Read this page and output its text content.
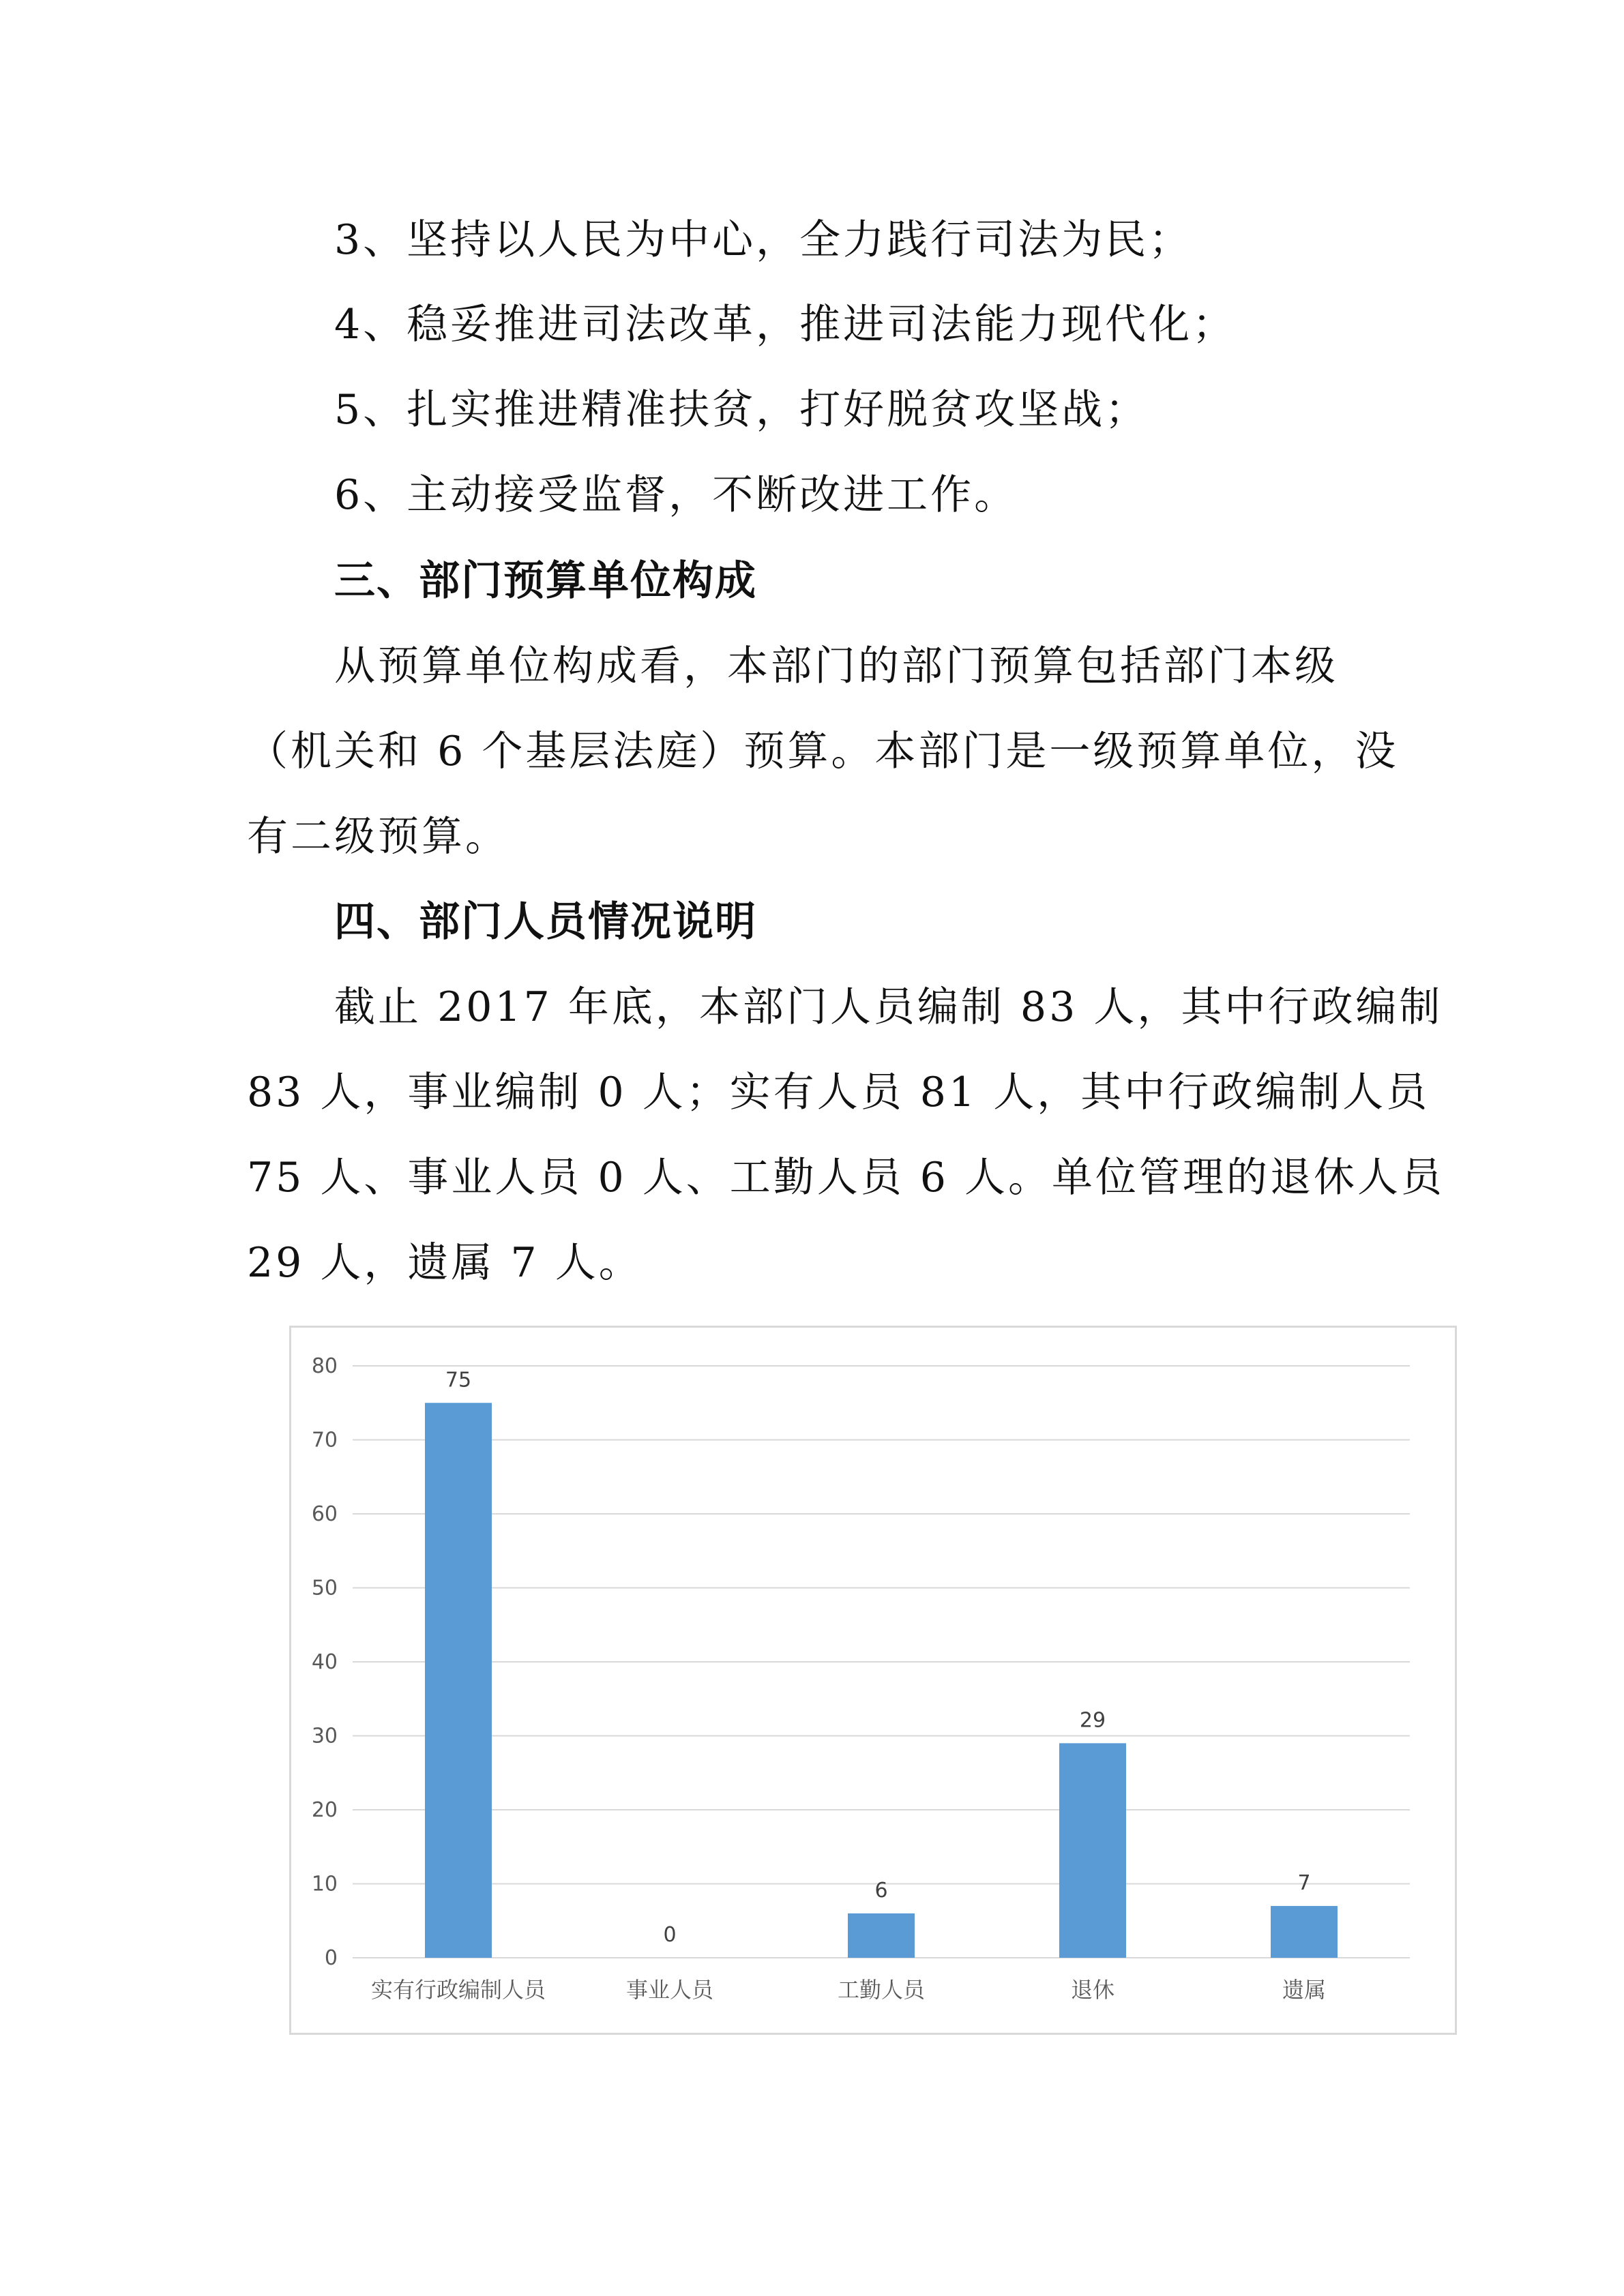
3、坚持以人民为中心，全力践行司法为民；
4、稳妥推进司法改革，推进司法能力现代化；
5、扎实推进精准扶贫，打好脱贫攻坚战；
6、主动接受监督，不断改进工作。
三、部门预算单位构成
从预算单位构成看，本部门的部门预算包括部门本级
（机关和 6 个基层法庭）预算。本部门是一级预算单位，没
有二级预算。
四、部门人员情况说明
截止 2017 年底，本部门人员编制 83 人，其中行政编制
83 人，事业编制 0 人；实有人员 81 人，其中行政编制人员
75 人、事业人员 0 人、工勤人员 6 人。单位管理的退休人员
29 人，遗属 7 人。
0
10
20
30
40
50
60
70
80
75
实有行政编制人员
0
事业人员
6
工勤人员
29
退休
7
遗属
